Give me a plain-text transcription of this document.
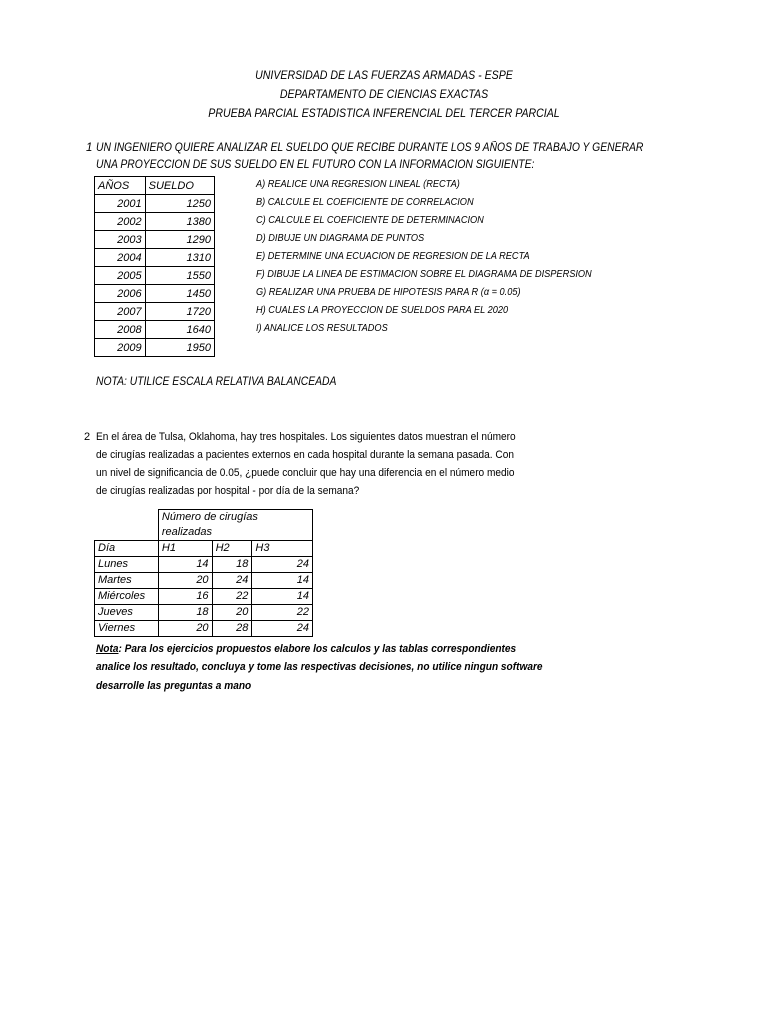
UNIVERSIDAD DE LAS FUERZAS ARMADAS - ESPE
DEPARTAMENTO DE CIENCIAS EXACTAS
PRUEBA PARCIAL ESTADISTICA INFERENCIAL DEL TERCER PARCIAL
1 UN INGENIERO QUIERE ANALIZAR EL SUELDO QUE RECIBE DURANTE LOS 9 AÑOS DE TRABAJO Y GENERAR
UNA PROYECCION DE SUS SUELDO EN EL FUTURO CON LA INFORMACION SIGUIENTE:
AÑOS	SUELDO
2001	1250
2002	1380
2003	1290
2004	1310
2005	1550
2006	1450
2007	1720
2008	1640
2009	1950
A) REALICE UNA REGRESION LINEAL (RECTA)
B) CALCULE EL COEFICIENTE DE CORRELACION
C) CALCULE EL COEFICIENTE DE DETERMINACION
D) DIBUJE UN DIAGRAMA DE PUNTOS
E) DETERMINE UNA ECUACION DE REGRESION DE LA RECTA
F) DIBUJE LA LINEA DE ESTIMACION SOBRE EL DIAGRAMA DE DISPERSION
G) REALIZAR UNA PRUEBA DE HIPOTESIS PARA R (α = 0.05)
H) CUALES LA PROYECCION DE SUELDOS PARA EL 2020
I) ANALICE LOS RESULTADOS
NOTA: UTILICE ESCALA RELATIVA BALANCEADA
2 En el área de Tulsa, Oklahoma, hay tres hospitales. Los siguientes datos muestran el número
de cirugías realizadas a pacientes externos en cada hospital durante la semana pasada. Con
un nivel de significancia de 0.05, ¿puede concluir que hay una diferencia en el número medio
de cirugías realizadas por hospital - por día de la semana?
	Número de cirugías realizadas		
Día	H1	H2	H3
Lunes	14	18	24
Martes	20	24	14
Miércoles	16	22	14
Jueves	18	20	22
Viernes	20	28	24
Nota: Para los ejercicios propuestos elabore los calculos y las tablas correspondientes
analice los resultado, concluya y tome las respectivas decisiones, no utilice ningun software
desarrolle las preguntas a mano
